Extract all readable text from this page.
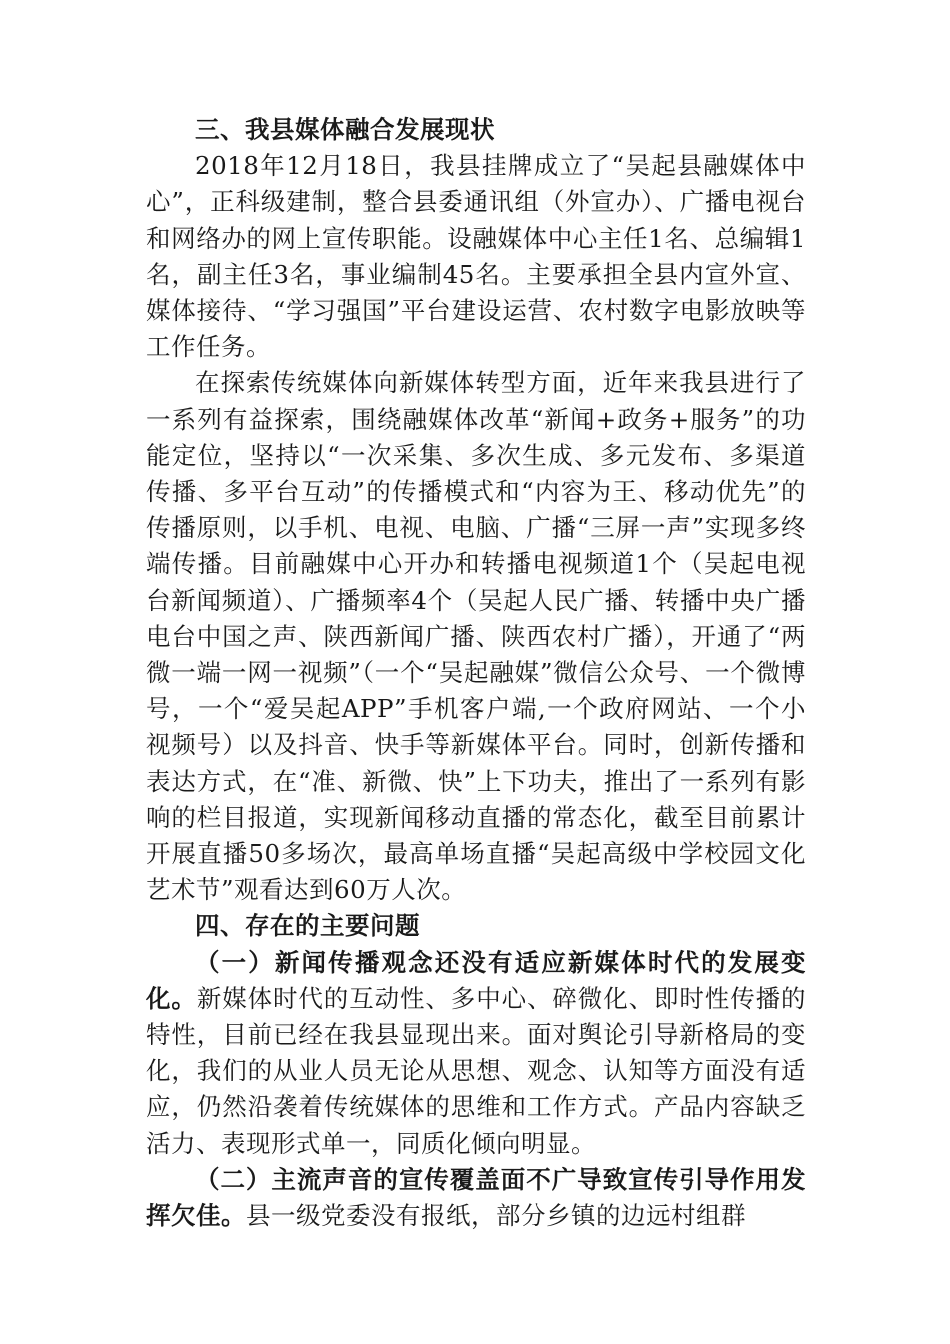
三、我县媒体融合发展现状

2018年12月18日，我县挂牌成立了“吴起县融媒体中心”，正科级建制，整合县委通讯组（外宣办）、广播电视台和网络办的网上宣传职能。设融媒体中心主任1名、总编辑1名，副主任3名，事业编制45名。主要承担全县内宣外宣、媒体接待、“学习强国”平台建设运营、农村数字电影放映等工作任务。

在探索传统媒体向新媒体转型方面，近年来我县进行了一系列有益探索，围绕融媒体改革“新闻+政务+服务”的功能定位，坚持以“一次采集、多次生成、多元发布、多渠道传播、多平台互动”的传播模式和“内容为王、移动优先”的传播原则，以手机、电视、电脑、广播“三屏一声”实现多终端传播。目前融媒中心开办和转播电视频道1个（吴起电视台新闻频道）、广播频率4个（吴起人民广播、转播中央广播电台中国之声、陕西新闻广播、陕西农村广播），开通了“两微一端一网一视频”（一个“吴起融媒”微信公众号、一个微博号，一个“爱吴起APP”手机客户端,一个政府网站、一个小视频号）以及抖音、快手等新媒体平台。同时，创新传播和表达方式，在“准、新微、快”上下功夫，推出了一系列有影响的栏目报道，实现新闻移动直播的常态化，截至目前累计开展直播50多场次，最高单场直播“吴起高级中学校园文化艺术节”观看达到60万人次。

四、存在的主要问题

（一）新闻传播观念还没有适应新媒体时代的发展变化。新媒体时代的互动性、多中心、碎微化、即时性传播的特性，目前已经在我县显现出来。面对舆论引导新格局的变化，我们的从业人员无论从思想、观念、认知等方面没有适应，仍然沿袭着传统媒体的思维和工作方式。产品内容缺乏活力、表现形式单一，同质化倾向明显。

（二）主流声音的宣传覆盖面不广导致宣传引导作用发挥欠佳。县一级党委没有报纸，部分乡镇的边远村组群
